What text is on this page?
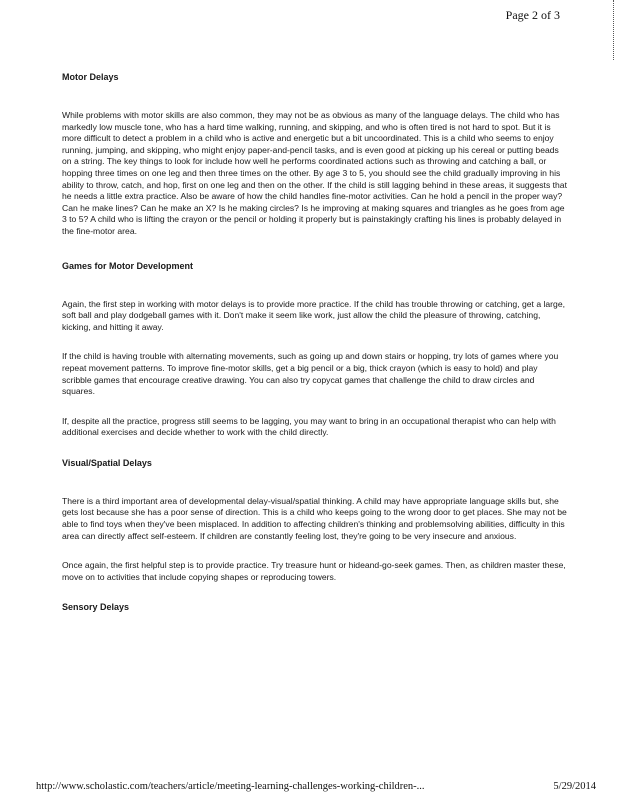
Page 2 of 3
Motor Delays

While problems with motor skills are also common, they may not be as obvious as many of the language delays. The child who has markedly low muscle tone, who has a hard time walking, running, and skipping, and who is often tired is not hard to spot. But it is more difficult to detect a problem in a child who is active and energetic but a bit uncoordinated. This is a child who seems to enjoy running, jumping, and skipping, who might enjoy paper-and-pencil tasks, and is even good at picking up his cereal or putting beads on a string. The key things to look for include how well he performs coordinated actions such as throwing and catching a ball, or hopping three times on one leg and then three times on the other. By age 3 to 5, you should see the child gradually improving in his ability to throw, catch, and hop, first on one leg and then on the other. If the child is still lagging behind in these areas, it suggests that he needs a little extra practice. Also be aware of how the child handles fine-motor activities. Can he hold a pencil in the proper way? Can he make lines? Can he make an X? Is he making circles? Is he improving at making squares and triangles as he goes from age 3 to 5? A child who is lifting the crayon or the pencil or holding it properly but is painstakingly crafting his lines is probably delayed in the fine-motor area.

Games for Motor Development

Again, the first step in working with motor delays is to provide more practice. If the child has trouble throwing or catching, get a large, soft ball and play dodgeball games with it. Don't make it seem like work, just allow the child the pleasure of throwing, catching, kicking, and hitting it away.

If the child is having trouble with alternating movements, such as going up and down stairs or hopping, try lots of games where you repeat movement patterns. To improve fine-motor skills, get a big pencil or a big, thick crayon (which is easy to hold) and play scribble games that encourage creative drawing. You can also try copycat games that challenge the child to draw circles and squares.

If, despite all the practice, progress still seems to be lagging, you may want to bring in an occupational therapist who can help with additional exercises and decide whether to work with the child directly.

Visual/Spatial Delays

There is a third important area of developmental delay-visual/spatial thinking. A child may have appropriate language skills but, she gets lost because she has a poor sense of direction. This is a child who keeps going to the wrong door to get places. She may not be able to find toys when they've been misplaced. In addition to affecting children's thinking and problemsolving abilities, difficulty in this area can directly affect self-esteem. If children are constantly feeling lost, they're going to be very insecure and anxious.

Once again, the first helpful step is to provide practice. Try treasure hunt or hideand-go-seek games. Then, as children master these, move on to activities that include copying shapes or reproducing towers.

Sensory Delays
http://www.scholastic.com/teachers/article/meeting-learning-challenges-working-children-...	5/29/2014
